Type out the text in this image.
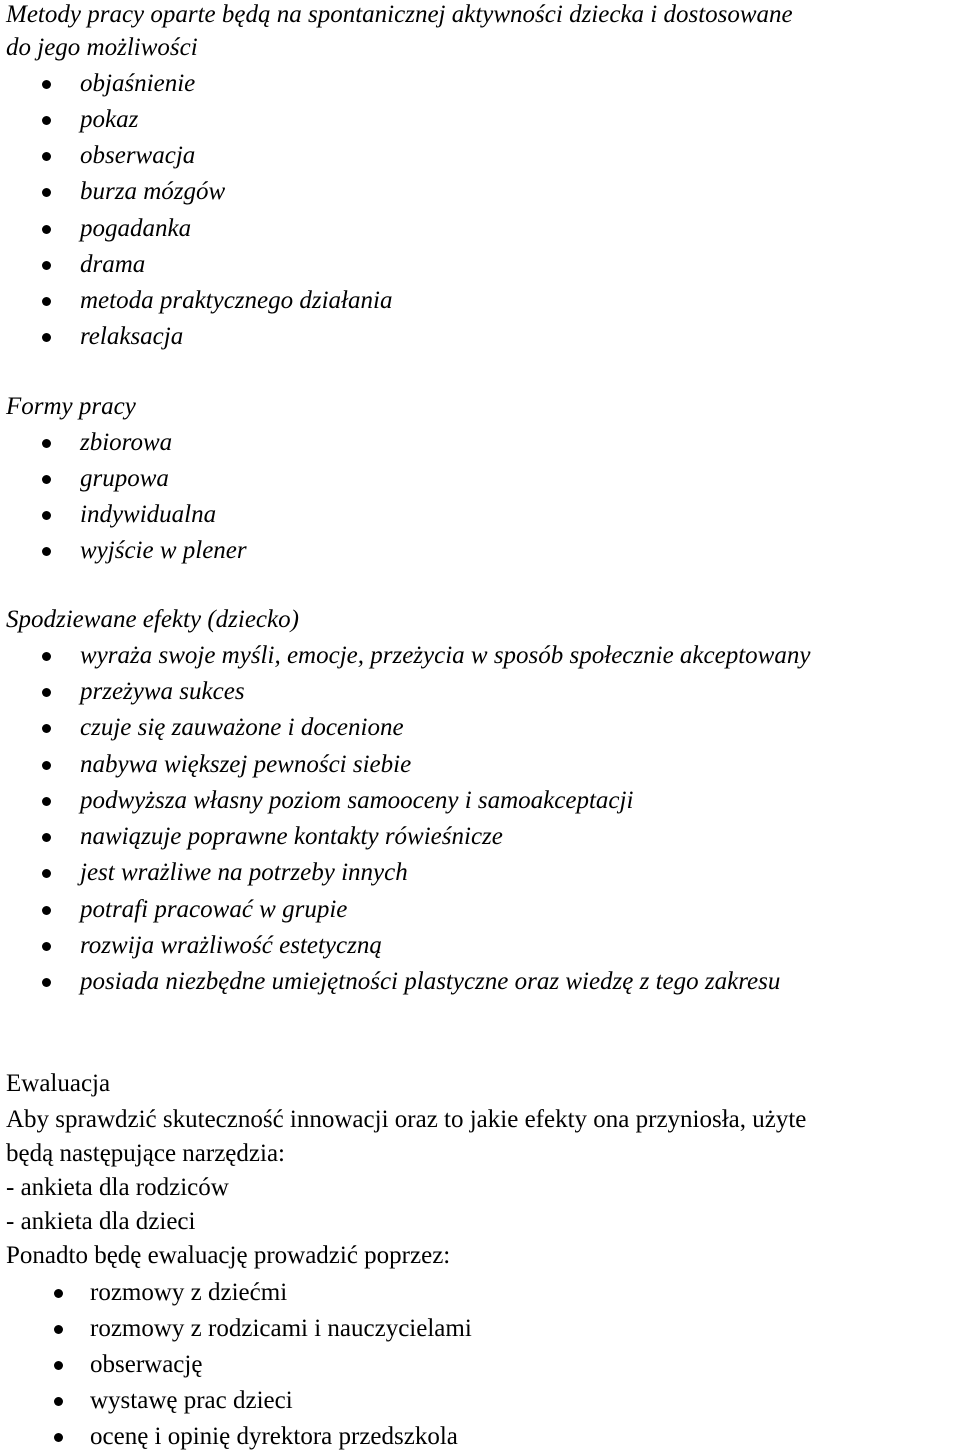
Metody pracy oparte będą na spontanicznej aktywności dziecka i dostosowane
do jego możliwości
objaśnienie
pokaz
obserwacja
burza mózgów
pogadanka
drama
metoda praktycznego działania
relaksacja
Formy pracy
zbiorowa
grupowa
indywidualna
wyjście w plener
Spodziewane efekty (dziecko)
wyraża swoje myśli, emocje, przeżycia w sposób społecznie akceptowany
przeżywa sukces
czuje się zauważone i docenione
nabywa większej pewności siebie
podwyższa własny poziom samooceny i samoakceptacji
nawiązuje poprawne kontakty rówieśnicze
jest wrażliwe na potrzeby innych
potrafi pracować w grupie
rozwija wrażliwość estetyczną
posiada niezbędne umiejętności plastyczne oraz wiedzę z tego zakresu
Ewaluacja
Aby sprawdzić skuteczność innowacji oraz to jakie efekty ona przyniosła, użyte
będą następujące narzędzia:
- ankieta dla rodziców
- ankieta dla dzieci
Ponadto będę ewaluację prowadzić poprzez:
rozmowy z dziećmi
rozmowy z rodzicami i nauczycielami
obserwację
wystawę prac dzieci
ocenę i opinię dyrektora przedszkola
